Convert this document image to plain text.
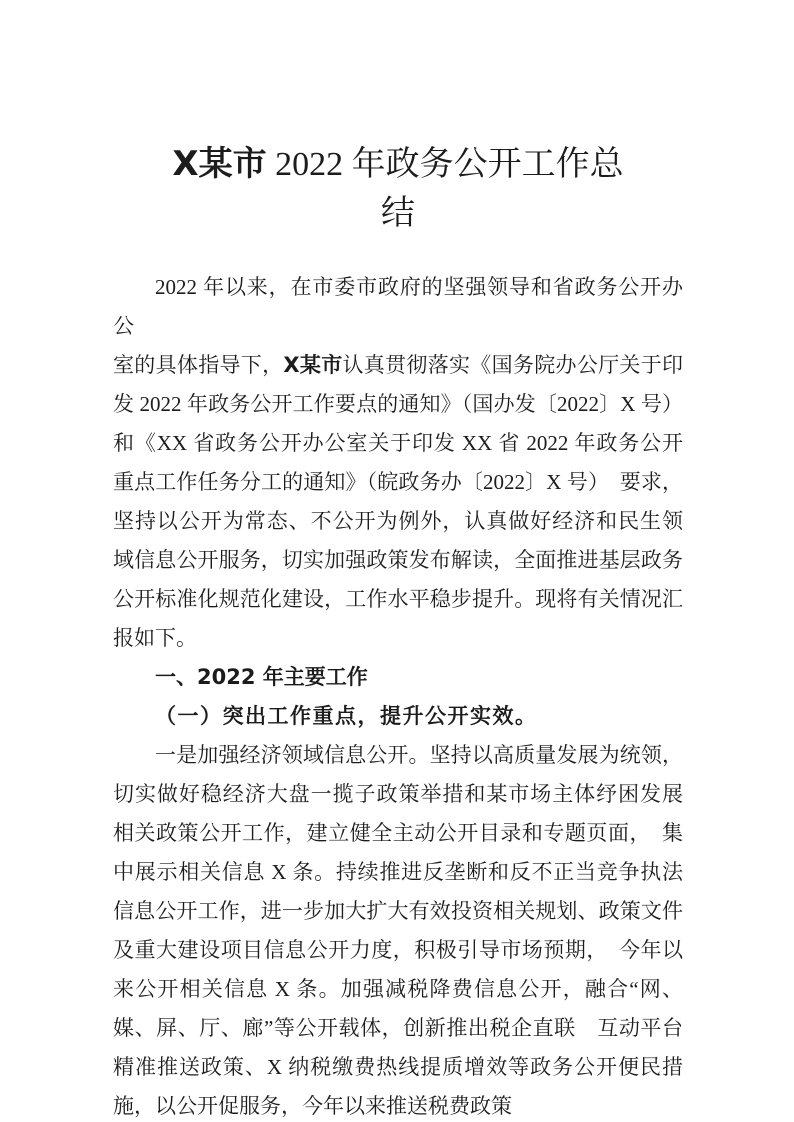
X某市 2022 年政务公开工作总
结
2022 年以来，在市委市政府的坚强领导和省政务公开办公
室的具体指导下，X某市认真贯彻落实《国务院办公厅关于印
发 2022 年政务公开工作要点的通知》（国办发〔2022〕X 号）
和《XX 省政务公开办公室关于印发 XX 省 2022 年政务公开
重点工作任务分工的通知》（皖政务办〔2022〕X 号）　要求，
坚持以公开为常态、不公开为例外，认真做好经济和民生领
域信息公开服务，切实加强政策发布解读，全面推进基层政务
公开标准化规范化建设，工作水平稳步提升。现将有关情况汇
报如下。
一、2022 年主要工作
（一）突出工作重点，提升公开实效。
一是加强经济领域信息公开。坚持以高质量发展为统领，
切实做好稳经济大盘一揽子政策举措和某市场主体纾困发展
相关政策公开工作，建立健全主动公开目录和专题页面，　集
中展示相关信息 X 条。持续推进反垄断和反不正当竞争执法
信息公开工作，进一步加大扩大有效投资相关规划、政策文件
及重大建设项目信息公开力度，积极引导市场预期，　今年以
来公开相关信息 X 条。加强减税降费信息公开，融合“网、
媒、屏、厅、廊”等公开载体，创新推出税企直联　互动平台
精准推送政策、X 纳税缴费热线提质增效等政务公开便民措
施，以公开促服务，今年以来推送税费政策
